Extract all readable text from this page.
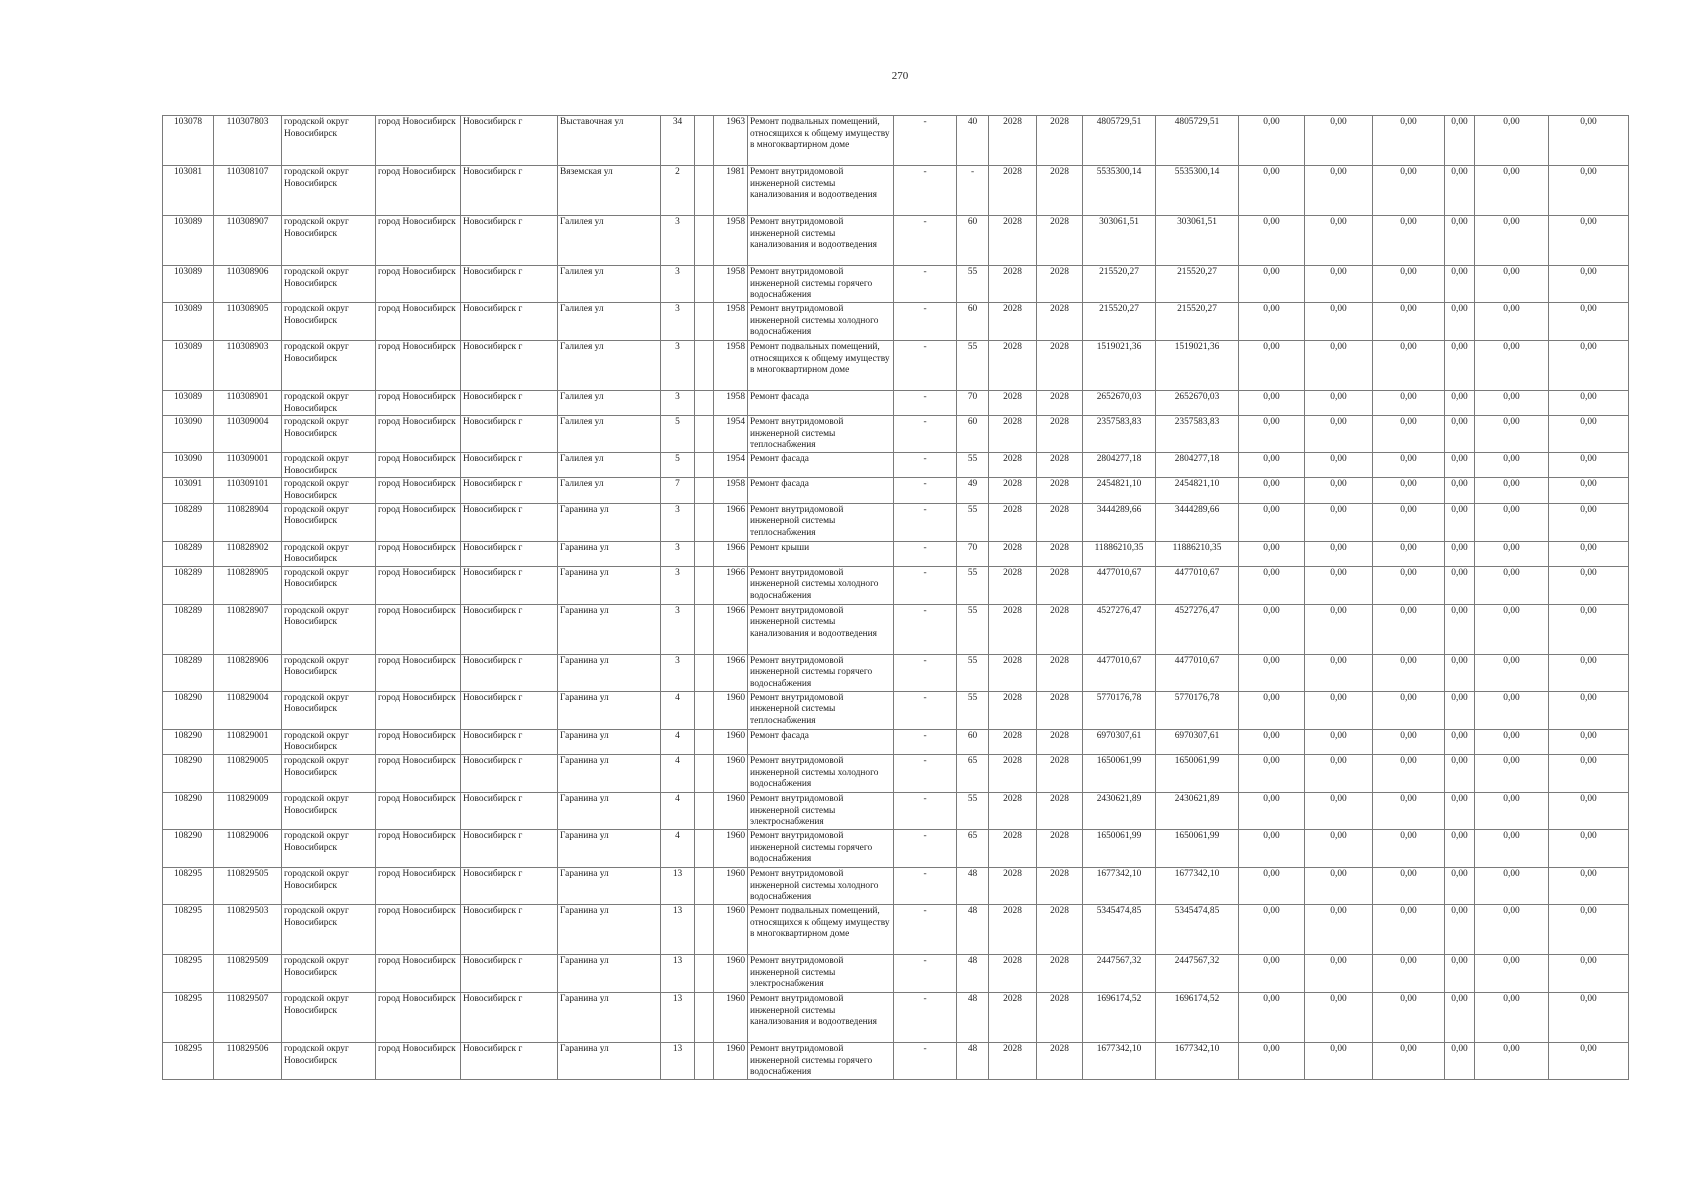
270
103078	110307803	городской округ Новосибирск	город Новосибирск	Новосибирск г	Выставочная ул	34		1963	Ремонт подвальных помещений, относящихся к общему имуществу в многоквартирном доме	-	40	2028	2028	4805729,51	4805729,51	0,00	0,00	0,00	0,00	0,00	0,00
103081	110308107	городской округ Новосибирск	город Новосибирск	Новосибирск г	Вяземская ул	2		1981	Ремонт внутридомовой инженерной системы канализования и водоотведения	-	-	2028	2028	5535300,14	5535300,14	0,00	0,00	0,00	0,00	0,00	0,00
103089	110308907	городской округ Новосибирск	город Новосибирск	Новосибирск г	Галилея ул	3		1958	Ремонт внутридомовой инженерной системы канализования и водоотведения	-	60	2028	2028	303061,51	303061,51	0,00	0,00	0,00	0,00	0,00	0,00
103089	110308906	городской округ Новосибирск	город Новосибирск	Новосибирск г	Галилея ул	3		1958	Ремонт внутридомовой инженерной системы горячего водоснабжения	-	55	2028	2028	215520,27	215520,27	0,00	0,00	0,00	0,00	0,00	0,00
103089	110308905	городской округ Новосибирск	город Новосибирск	Новосибирск г	Галилея ул	3		1958	Ремонт внутридомовой инженерной системы холодного водоснабжения	-	60	2028	2028	215520,27	215520,27	0,00	0,00	0,00	0,00	0,00	0,00
103089	110308903	городской округ Новосибирск	город Новосибирск	Новосибирск г	Галилея ул	3		1958	Ремонт подвальных помещений, относящихся к общему имуществу в многоквартирном доме	-	55	2028	2028	1519021,36	1519021,36	0,00	0,00	0,00	0,00	0,00	0,00
103089	110308901	городской округ Новосибирск	город Новосибирск	Новосибирск г	Галилея ул	3		1958	Ремонт фасада	-	70	2028	2028	2652670,03	2652670,03	0,00	0,00	0,00	0,00	0,00	0,00
103090	110309004	городской округ Новосибирск	город Новосибирск	Новосибирск г	Галилея ул	5		1954	Ремонт внутридомовой инженерной системы теплоснабжения	-	60	2028	2028	2357583,83	2357583,83	0,00	0,00	0,00	0,00	0,00	0,00
103090	110309001	городской округ Новосибирск	город Новосибирск	Новосибирск г	Галилея ул	5		1954	Ремонт фасада	-	55	2028	2028	2804277,18	2804277,18	0,00	0,00	0,00	0,00	0,00	0,00
103091	110309101	городской округ Новосибирск	город Новосибирск	Новосибирск г	Галилея ул	7		1958	Ремонт фасада	-	49	2028	2028	2454821,10	2454821,10	0,00	0,00	0,00	0,00	0,00	0,00
108289	110828904	городской округ Новосибирск	город Новосибирск	Новосибирск г	Гаранина ул	3		1966	Ремонт внутридомовой инженерной системы теплоснабжения	-	55	2028	2028	3444289,66	3444289,66	0,00	0,00	0,00	0,00	0,00	0,00
108289	110828902	городской округ Новосибирск	город Новосибирск	Новосибирск г	Гаранина ул	3		1966	Ремонт крыши	-	70	2028	2028	11886210,35	11886210,35	0,00	0,00	0,00	0,00	0,00	0,00
108289	110828905	городской округ Новосибирск	город Новосибирск	Новосибирск г	Гаранина ул	3		1966	Ремонт внутридомовой инженерной системы холодного водоснабжения	-	55	2028	2028	4477010,67	4477010,67	0,00	0,00	0,00	0,00	0,00	0,00
108289	110828907	городской округ Новосибирск	город Новосибирск	Новосибирск г	Гаранина ул	3		1966	Ремонт внутридомовой инженерной системы канализования и водоотведения	-	55	2028	2028	4527276,47	4527276,47	0,00	0,00	0,00	0,00	0,00	0,00
108289	110828906	городской округ Новосибирск	город Новосибирск	Новосибирск г	Гаранина ул	3		1966	Ремонт внутридомовой инженерной системы горячего водоснабжения	-	55	2028	2028	4477010,67	4477010,67	0,00	0,00	0,00	0,00	0,00	0,00
108290	110829004	городской округ Новосибирск	город Новосибирск	Новосибирск г	Гаранина ул	4		1960	Ремонт внутридомовой инженерной системы теплоснабжения	-	55	2028	2028	5770176,78	5770176,78	0,00	0,00	0,00	0,00	0,00	0,00
108290	110829001	городской округ Новосибирск	город Новосибирск	Новосибирск г	Гаранина ул	4		1960	Ремонт фасада	-	60	2028	2028	6970307,61	6970307,61	0,00	0,00	0,00	0,00	0,00	0,00
108290	110829005	городской округ Новосибирск	город Новосибирск	Новосибирск г	Гаранина ул	4		1960	Ремонт внутридомовой инженерной системы холодного водоснабжения	-	65	2028	2028	1650061,99	1650061,99	0,00	0,00	0,00	0,00	0,00	0,00
108290	110829009	городской округ Новосибирск	город Новосибирск	Новосибирск г	Гаранина ул	4		1960	Ремонт внутридомовой инженерной системы электроснабжения	-	55	2028	2028	2430621,89	2430621,89	0,00	0,00	0,00	0,00	0,00	0,00
108290	110829006	городской округ Новосибирск	город Новосибирск	Новосибирск г	Гаранина ул	4		1960	Ремонт внутридомовой инженерной системы горячего водоснабжения	-	65	2028	2028	1650061,99	1650061,99	0,00	0,00	0,00	0,00	0,00	0,00
108295	110829505	городской округ Новосибирск	город Новосибирск	Новосибирск г	Гаранина ул	13		1960	Ремонт внутридомовой инженерной системы холодного водоснабжения	-	48	2028	2028	1677342,10	1677342,10	0,00	0,00	0,00	0,00	0,00	0,00
108295	110829503	городской округ Новосибирск	город Новосибирск	Новосибирск г	Гаранина ул	13		1960	Ремонт подвальных помещений, относящихся к общему имуществу в многоквартирном доме	-	48	2028	2028	5345474,85	5345474,85	0,00	0,00	0,00	0,00	0,00	0,00
108295	110829509	городской округ Новосибирск	город Новосибирск	Новосибирск г	Гаранина ул	13		1960	Ремонт внутридомовой инженерной системы электроснабжения	-	48	2028	2028	2447567,32	2447567,32	0,00	0,00	0,00	0,00	0,00	0,00
108295	110829507	городской округ Новосибирск	город Новосибирск	Новосибирск г	Гаранина ул	13		1960	Ремонт внутридомовой инженерной системы канализования и водоотведения	-	48	2028	2028	1696174,52	1696174,52	0,00	0,00	0,00	0,00	0,00	0,00
108295	110829506	городской округ Новосибирск	город Новосибирск	Новосибирск г	Гаранина ул	13		1960	Ремонт внутридомовой инженерной системы горячего водоснабжения	-	48	2028	2028	1677342,10	1677342,10	0,00	0,00	0,00	0,00	0,00	0,00
